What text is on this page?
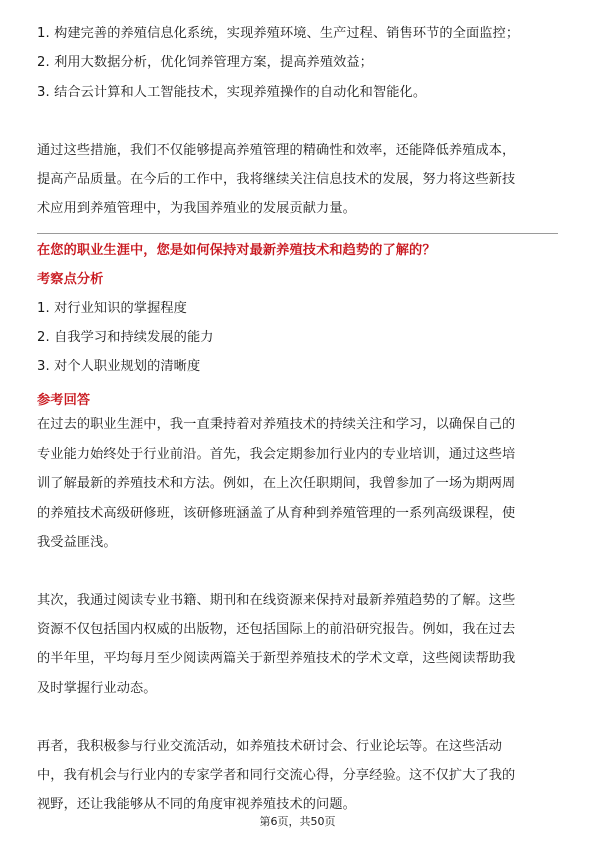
1. 构建完善的养殖信息化系统，实现养殖环境、生产过程、销售环节的全面监控；
2. 利用大数据分析，优化饲养管理方案，提高养殖效益；
3. 结合云计算和人工智能技术，实现养殖操作的自动化和智能化。
通过这些措施，我们不仅能够提高养殖管理的精确性和效率，还能降低养殖成本，
提高产品质量。在今后的工作中，我将继续关注信息技术的发展，努力将这些新技
术应用到养殖管理中，为我国养殖业的发展贡献力量。
在您的职业生涯中，您是如何保持对最新养殖技术和趋势的了解的？
考察点分析
1. 对行业知识的掌握程度
2. 自我学习和持续发展的能力
3. 对个人职业规划的清晰度
参考回答
在过去的职业生涯中，我一直秉持着对养殖技术的持续关注和学习，以确保自己的
专业能力始终处于行业前沿。首先，我会定期参加行业内的专业培训，通过这些培
训了解最新的养殖技术和方法。例如，在上次任职期间，我曾参加了一场为期两周
的养殖技术高级研修班，该研修班涵盖了从育种到养殖管理的一系列高级课程，使
我受益匪浅。
其次，我通过阅读专业书籍、期刊和在线资源来保持对最新养殖趋势的了解。这些
资源不仅包括国内权威的出版物，还包括国际上的前沿研究报告。例如，我在过去
的半年里，平均每月至少阅读两篇关于新型养殖技术的学术文章，这些阅读帮助我
及时掌握行业动态。
再者，我积极参与行业交流活动，如养殖技术研讨会、行业论坛等。在这些活动
中，我有机会与行业内的专家学者和同行交流心得，分享经验。这不仅扩大了我的
视野，还让我能够从不同的角度审视养殖技术的问题。
第6页，共50页
